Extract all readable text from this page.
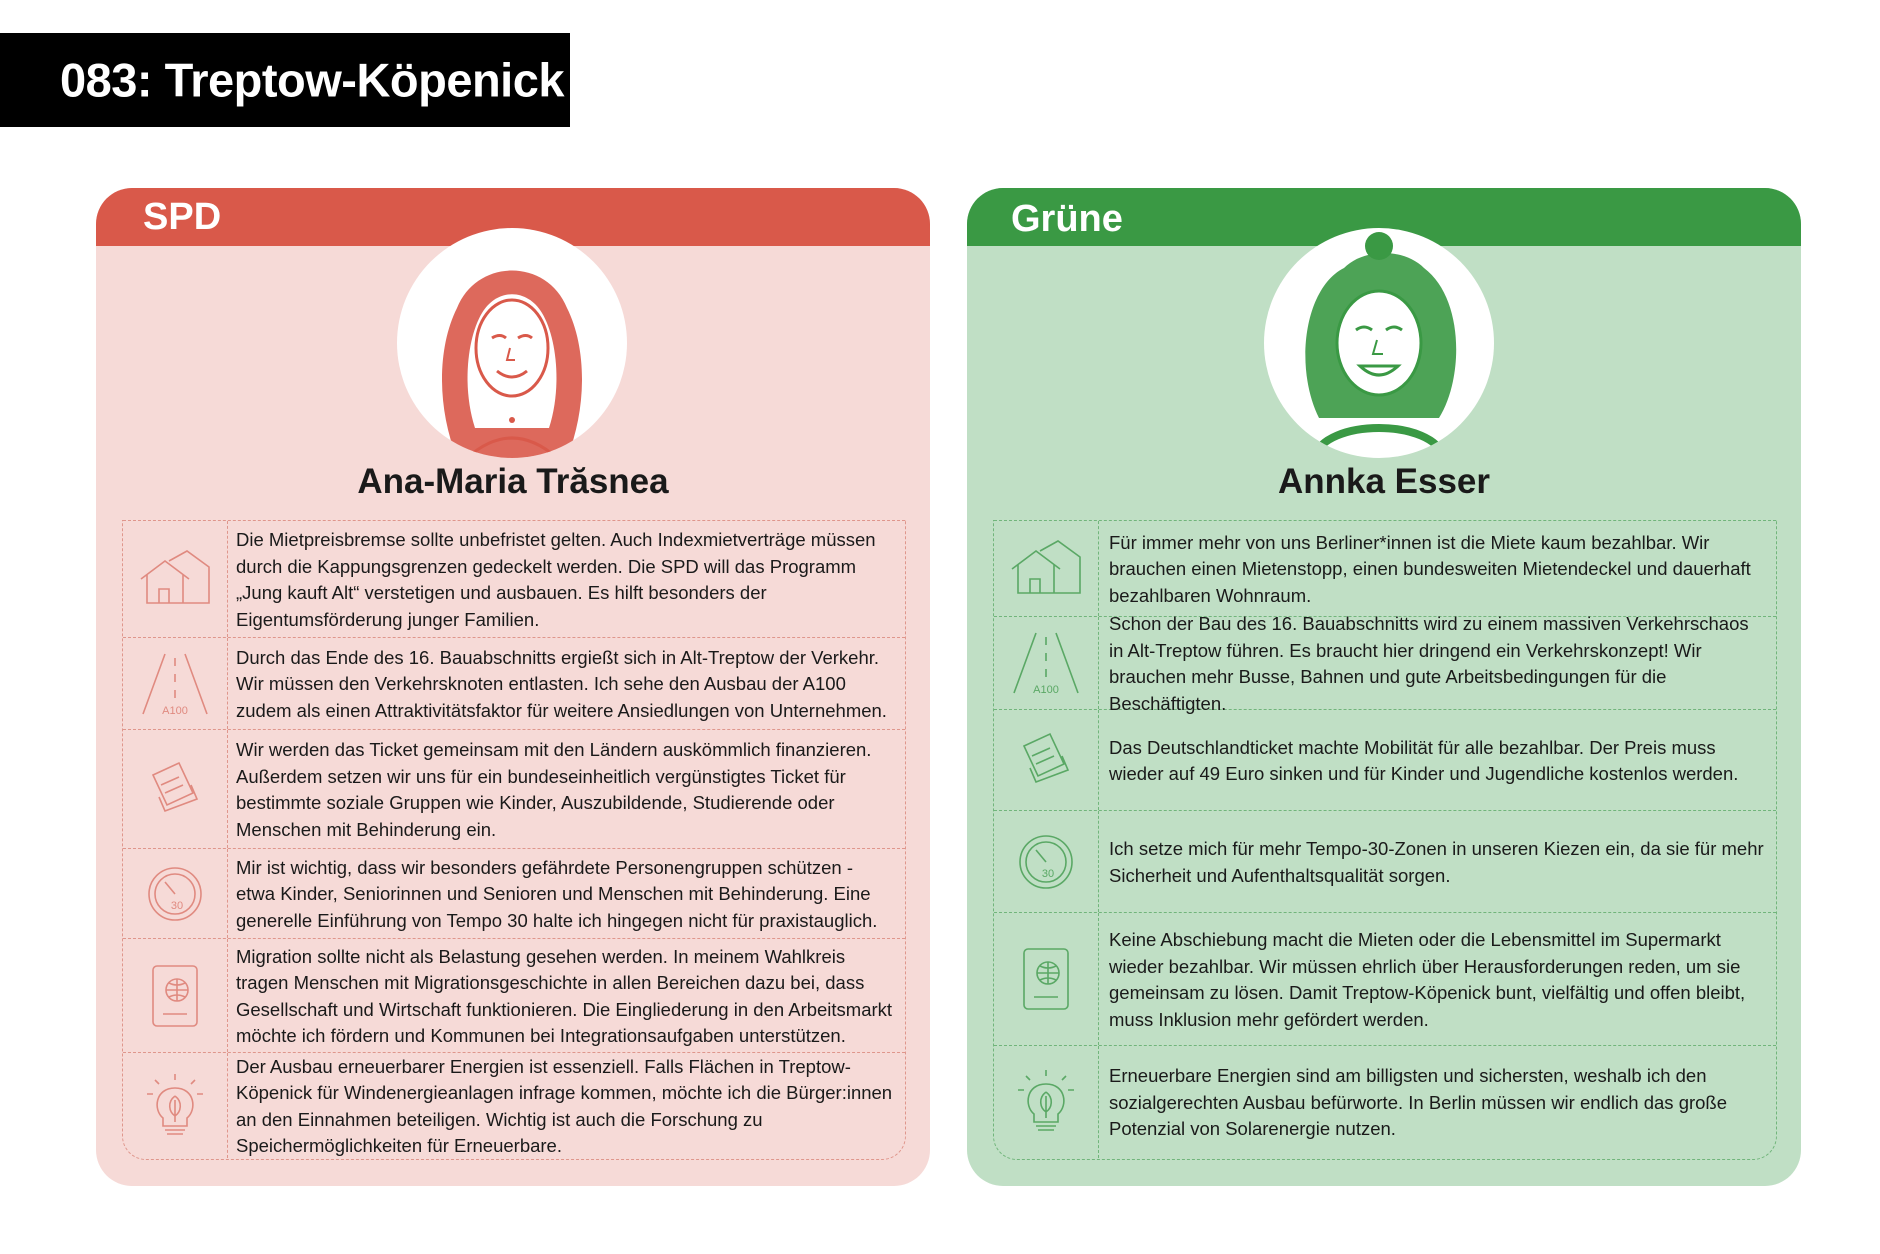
083: Treptow-Köpenick
SPD
Ana-Maria Trăsnea
Die Mietpreisbremse sollte unbefristet gelten. Auch Indexmietverträge müssen durch die Kappungsgrenzen gedeckelt werden. Die SPD will das Programm „Jung kauft Alt“ verstetigen und ausbauen. Es hilft besonders der Eigentumsförderung junger Familien.
A100
Durch das Ende des 16. Bauabschnitts ergießt sich in Alt-Treptow der Verkehr. Wir müssen den Verkehrsknoten entlasten. Ich sehe den Ausbau der A100 zudem als einen Attraktivitätsfaktor für weitere Ansiedlungen von Unternehmen.
Wir werden das Ticket gemeinsam mit den Ländern auskömmlich finanzieren. Außerdem setzen wir uns für ein bundeseinheitlich vergünstigtes Ticket für bestimmte soziale Gruppen wie Kinder, Auszubildende, Studierende oder Menschen mit Behinderung ein.
30
Mir ist wichtig, dass wir besonders gefährdete Personengruppen schützen - etwa Kinder, Seniorinnen und Senioren und Menschen mit Behinderung. Eine generelle Einführung von Tempo 30 halte ich hingegen nicht für praxistauglich.
Migration sollte nicht als Belastung gesehen werden. In meinem Wahlkreis tragen Menschen mit Migrationsgeschichte in allen Bereichen dazu bei, dass Gesellschaft und Wirtschaft funktionieren. Die Eingliederung in den Arbeitsmarkt möchte ich fördern und Kommunen bei Integrationsaufgaben unterstützen.
Der Ausbau erneuerbarer Energien ist essenziell. Falls Flächen in Treptow-Köpenick für Windenergieanlagen infrage kommen, möchte ich die Bürger:innen an den Einnahmen beteiligen. Wichtig ist auch die Forschung zu Speichermöglichkeiten für Erneuerbare.
Grüne
Annka Esser
Für immer mehr von uns Berliner*innen ist die Miete kaum bezahlbar. Wir brauchen einen Mietenstopp, einen bundesweiten Mietendeckel und dauerhaft bezahlbaren Wohnraum.
A100
Schon der Bau des 16. Bauabschnitts wird zu einem massiven Verkehrschaos in Alt-Treptow führen. Es braucht hier dringend ein Verkehrskonzept! Wir brauchen mehr Busse, Bahnen und gute Arbeitsbedingungen für die Beschäftigten.
Das Deutschlandticket machte Mobilität für alle bezahlbar. Der Preis muss wieder auf 49 Euro sinken und für Kinder und Jugendliche kostenlos werden.
30
Ich setze mich für mehr Tempo-30-Zonen in unseren Kiezen ein, da sie für mehr Sicherheit und Aufenthaltsqualität sorgen.
Keine Abschiebung macht die Mieten oder die Lebensmittel im Supermarkt wieder bezahlbar. Wir müssen ehrlich über Herausforderungen reden, um sie gemeinsam zu lösen. Damit Treptow-Köpenick bunt, vielfältig und offen bleibt, muss Inklusion mehr gefördert werden.
Erneuerbare Energien sind am billigsten und sichersten, weshalb ich den sozialgerechten Ausbau befürworte. In Berlin müssen wir endlich das große Potenzial von Solarenergie nutzen.
